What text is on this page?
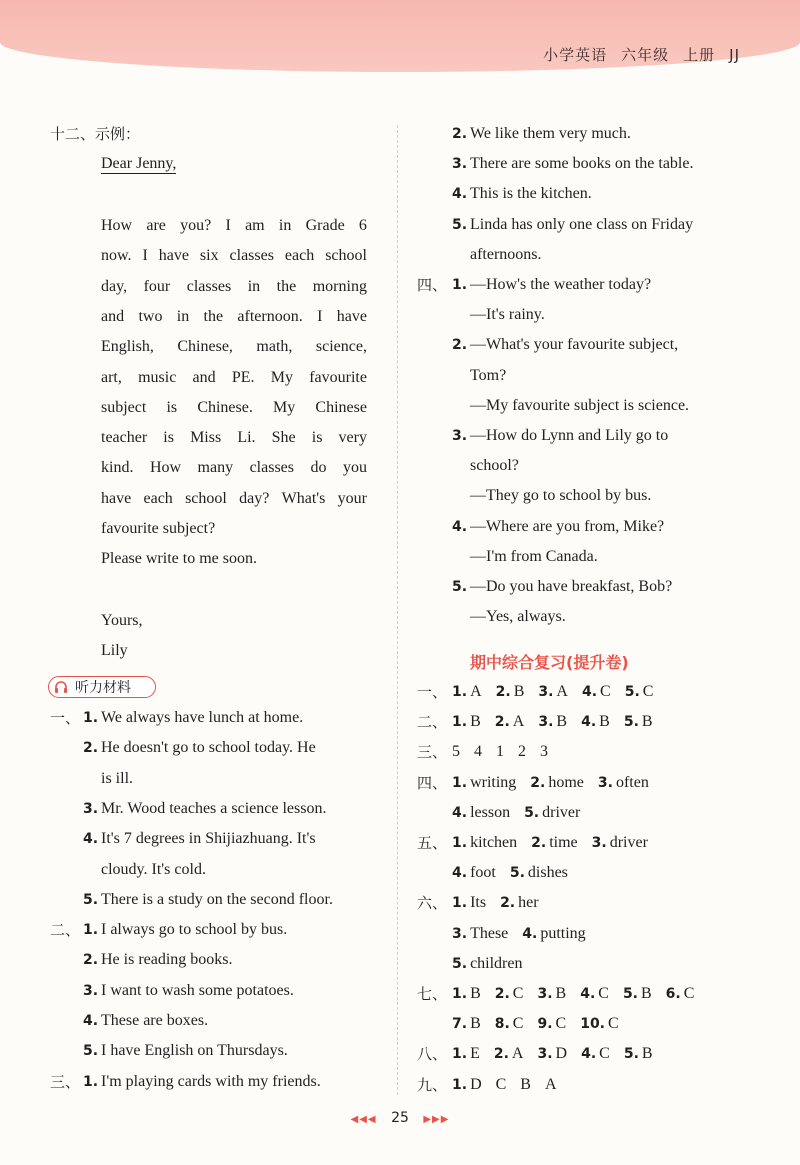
小学英语 六年级 上册 JJ
十二、示例：
Dear Jenny,
How are you? I am in Grade 6
now. I have six classes each school
day, four classes in the morning
and two in the afternoon. I have
English, Chinese, math, science,
art, music and PE. My favourite
subject is Chinese. My Chinese
teacher is Miss Li. She is very
kind. How many classes do you
have each school day? What's your
favourite subject?
Please write to me soon.
Yours,
Lily
听力材料
一、 1. We always have lunch at home.
2. He doesn't go to school today. He
is ill.
3. Mr. Wood teaches a science lesson.
4. It's 7 degrees in Shijiazhuang. It's
cloudy. It's cold.
5. There is a study on the second floor.
二、 1. I always go to school by bus.
2. He is reading books.
3. I want to wash some potatoes.
4. These are boxes.
5. I have English on Thursdays.
三、 1. I'm playing cards with my friends.
2. We like them very much.
3. There are some books on the table.
4. This is the kitchen.
5. Linda has only one class on Friday
afternoons.
四、 1. —How's the weather today?
—It's rainy.
2. —What's your favourite subject,
Tom?
—My favourite subject is science.
3. —How do Lynn and Lily go to
school?
—They go to school by bus.
4. —Where are you from, Mike?
—I'm from Canada.
5. —Do you have breakfast, Bob?
—Yes, always.
期中综合复习(提升卷)
一、 1. A 2. B 3. A 4. C 5. C
二、 1. B 2. A 3. B 4. B 5. B
三、 5 4 1 2 3
四、 1. writing 2. home 3. often
4. lesson 5. driver
五、 1. kitchen 2. time 3. driver
4. foot 5. dishes
六、 1. Its 2. her
3. These 4. putting
5. children
七、 1. B 2. C 3. B 4. C 5. B 6. C
7. B 8. C 9. C 10. C
八、 1. E 2. A 3. D 4. C 5. B
九、 1. D C B A
◀◀◀ 25 ▶▶▶
